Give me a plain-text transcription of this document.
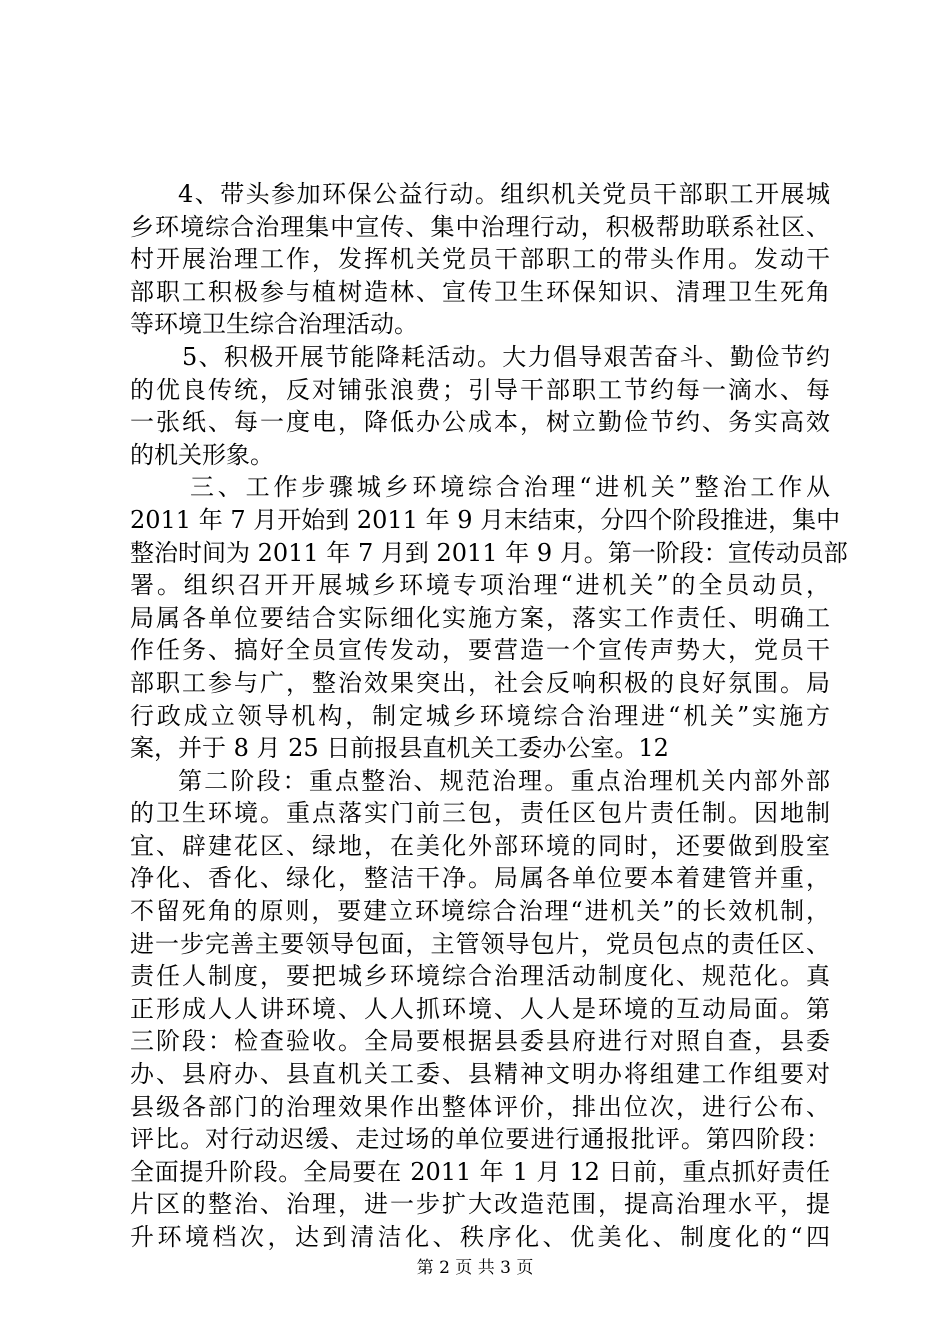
4、带头参加环保公益行动。组织机关党员干部职工开展城
乡环境综合治理集中宣传、集中治理行动，积极帮助联系社区、
村开展治理工作，发挥机关党员干部职工的带头作用。发动干
部职工积极参与植树造林、宣传卫生环保知识、清理卫生死角
等环境卫生综合治理活动。
5、积极开展节能降耗活动。大力倡导艰苦奋斗、勤俭节约
的优良传统，反对铺张浪费；引导干部职工节约每一滴水、每
一张纸、每一度电，降低办公成本，树立勤俭节约、务实高效
的机关形象。
三、工作步骤城乡环境综合治理“进机关”整治工作从
2011 年 7 月开始到 2011 年 9 月末结束，分四个阶段推进，集中
整治时间为 2011 年 7 月到 2011 年 9 月。第一阶段：宣传动员部
署。组织召开开展城乡环境专项治理“进机关”的全员动员，
局属各单位要结合实际细化实施方案，落实工作责任、明确工
作任务、搞好全员宣传发动，要营造一个宣传声势大，党员干
部职工参与广，整治效果突出，社会反响积极的良好氛围。局
行政成立领导机构，制定城乡环境综合治理进“机关”实施方
案，并于 8 月 25 日前报县直机关工委办公室。12
第二阶段：重点整治、规范治理。重点治理机关内部外部
的卫生环境。重点落实门前三包，责任区包片责任制。因地制
宜、辟建花区、绿地，在美化外部环境的同时，还要做到股室
净化、香化、绿化，整洁干净。局属各单位要本着建管并重，
不留死角的原则，要建立环境综合治理“进机关”的长效机制，
进一步完善主要领导包面，主管领导包片，党员包点的责任区、
责任人制度，要把城乡环境综合治理活动制度化、规范化。真
正形成人人讲环境、人人抓环境、人人是环境的互动局面。第
三阶段：检查验收。全局要根据县委县府进行对照自查，县委
办、县府办、县直机关工委、县精神文明办将组建工作组要对
县级各部门的治理效果作出整体评价，排出位次，进行公布、
评比。对行动迟缓、走过场的单位要进行通报批评。第四阶段：
全面提升阶段。全局要在 2011 年 1 月 12 日前，重点抓好责任
片区的整治、治理，进一步扩大改造范围，提高治理水平，提
升环境档次，达到清洁化、秩序化、优美化、制度化的“四
第 2 页 共 3 页
